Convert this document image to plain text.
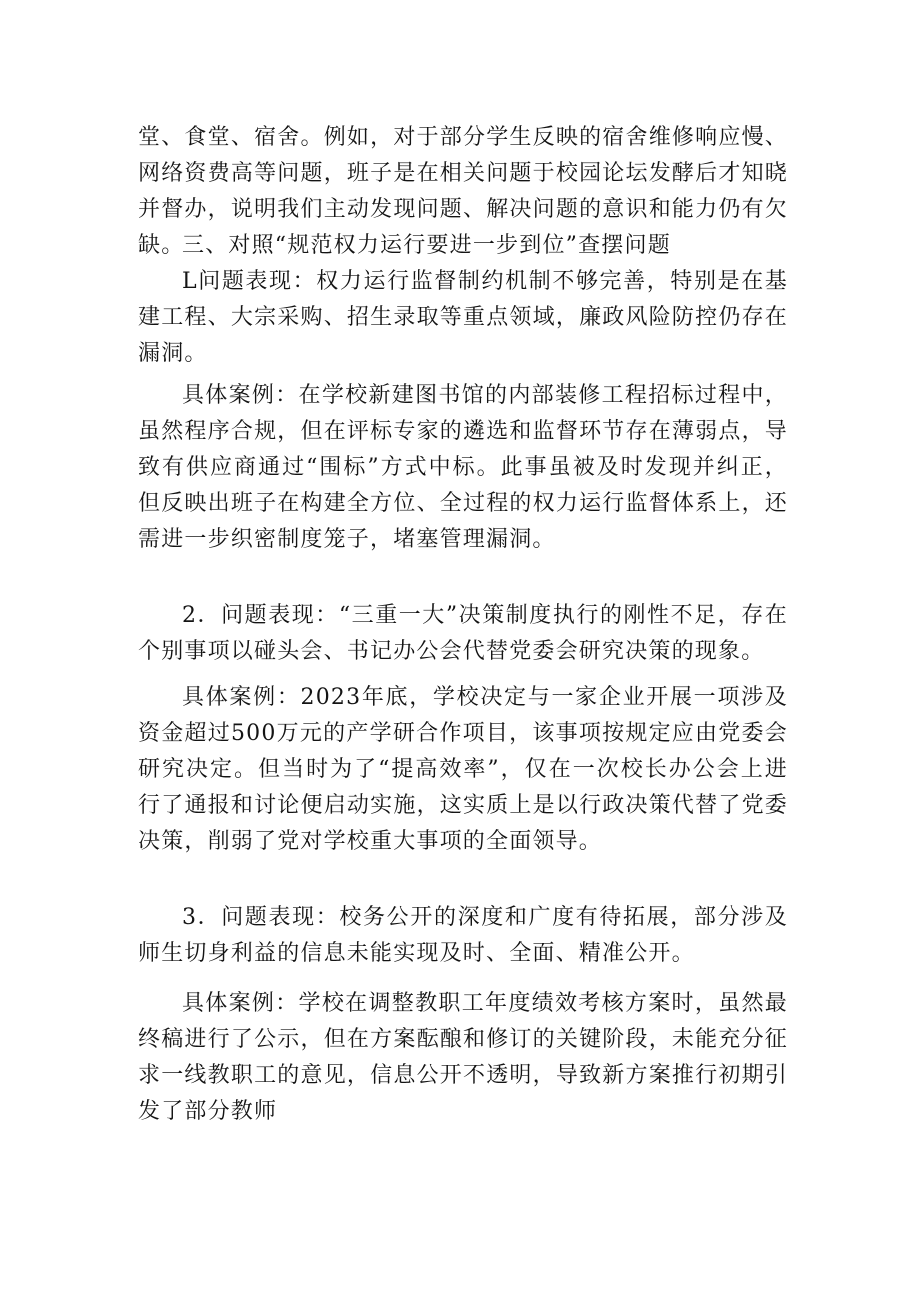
堂、食堂、宿舍。例如，对于部分学生反映的宿舍维修响应慢、网络资费高等问题，班子是在相关问题于校园论坛发酵后才知晓并督办，说明我们主动发现问题、解决问题的意识和能力仍有欠缺。

三、对照“规范权力运行要进一步到位”查摆问题

L问题表现：权力运行监督制约机制不够完善，特别是在基建工程、大宗采购、招生录取等重点领域，廉政风险防控仍存在漏洞。

具体案例：在学校新建图书馆的内部装修工程招标过程中，虽然程序合规，但在评标专家的遴选和监督环节存在薄弱点，导致有供应商通过“围标”方式中标。此事虽被及时发现并纠正，但反映出班子在构建全方位、全过程的权力运行监督体系上，还需进一步织密制度笼子，堵塞管理漏洞。

2．问题表现：“三重一大”决策制度执行的刚性不足，存在个别事项以碰头会、书记办公会代替党委会研究决策的现象。

具体案例：2023年底，学校决定与一家企业开展一项涉及资金超过500万元的产学研合作项目，该事项按规定应由党委会研究决定。但当时为了“提高效率”，仅在一次校长办公会上进行了通报和讨论便启动实施，这实质上是以行政决策代替了党委决策，削弱了党对学校重大事项的全面领导。

3．问题表现：校务公开的深度和广度有待拓展，部分涉及师生切身利益的信息未能实现及时、全面、精准公开。

具体案例：学校在调整教职工年度绩效考核方案时，虽然最终稿进行了公示，但在方案酝酿和修订的关键阶段，未能充分征求一线教职工的意见，信息公开不透明，导致新方案推行初期引发了部分教师
